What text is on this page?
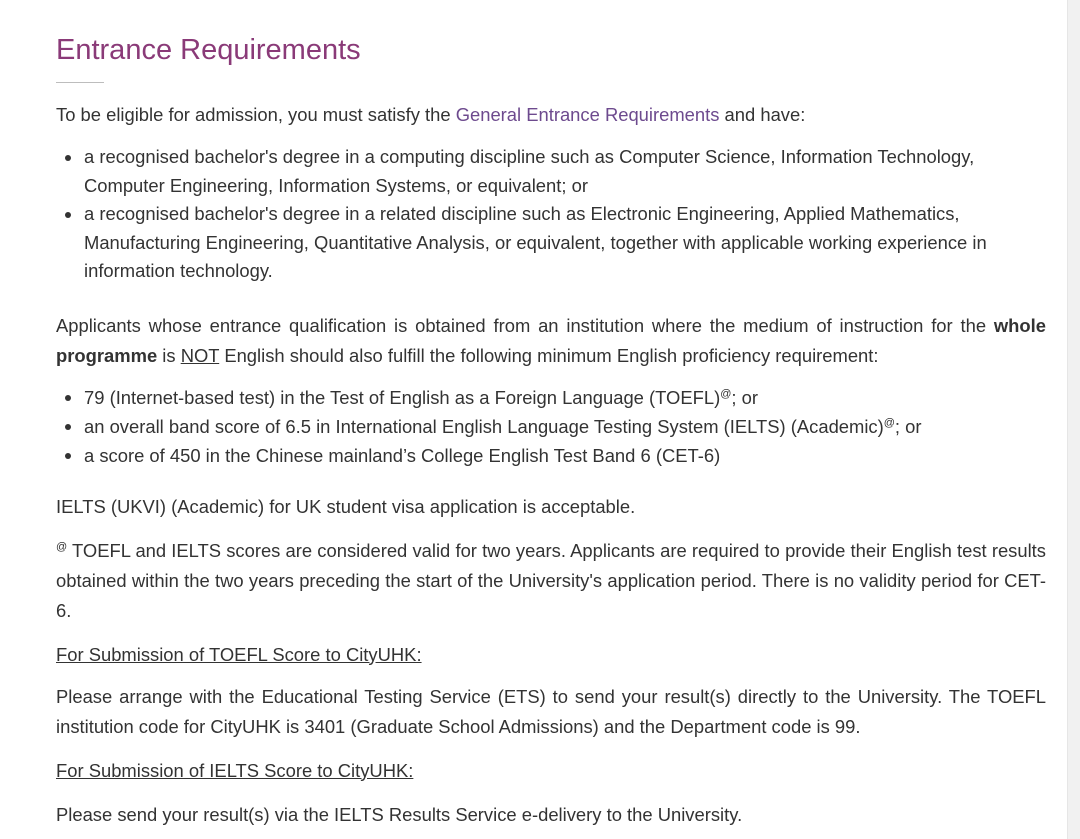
Entrance Requirements

To be eligible for admission, you must satisfy the General Entrance Requirements and have:

a recognised bachelor's degree in a computing discipline such as Computer Science, Information Technology, Computer Engineering, Information Systems, or equivalent; or
a recognised bachelor's degree in a related discipline such as Electronic Engineering, Applied Mathematics, Manufacturing Engineering, Quantitative Analysis, or equivalent, together with applicable working experience in information technology.

Applicants whose entrance qualification is obtained from an institution where the medium of instruction for the whole programme is NOT English should also fulfill the following minimum English proficiency requirement:

79 (Internet-based test) in the Test of English as a Foreign Language (TOEFL)@; or
an overall band score of 6.5 in International English Language Testing System (IELTS) (Academic)@; or
a score of 450 in the Chinese mainland’s College English Test Band 6 (CET-6)

IELTS (UKVI) (Academic) for UK student visa application is acceptable.

@ TOEFL and IELTS scores are considered valid for two years. Applicants are required to provide their English test results obtained within the two years preceding the start of the University's application period. There is no validity period for CET-6.

For Submission of TOEFL Score to CityUHK:

Please arrange with the Educational Testing Service (ETS) to send your result(s) directly to the University. The TOEFL institution code for CityUHK is 3401 (Graduate School Admissions) and the Department code is 99.

For Submission of IELTS Score to CityUHK:

Please send your result(s) via the IELTS Results Service e-delivery to the University.
